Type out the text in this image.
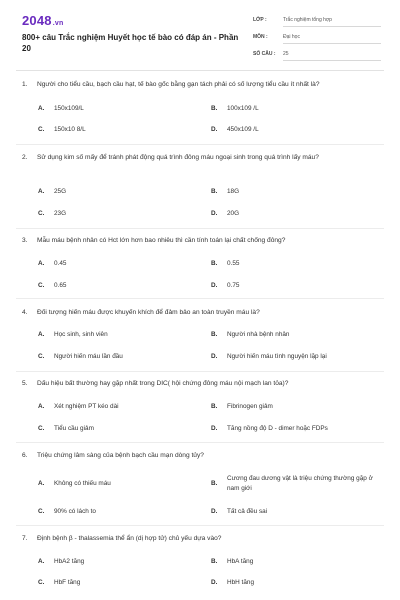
2048.vn
800+ câu Trắc nghiệm Huyết học tế bào có đáp án - Phần 20
LỚP :	Trắc nghiệm tổng hợp
MÔN :	Đại học
SỐ CÂU : 25
1.	Người cho tiểu cầu, bạch cầu hạt, tế bào gốc bằng gạn tách phải có số lượng tiểu cầu ít nhất là?
A. 150x109/L	B. 100x109 /L
C. 150x10 8/L	D. 450x109 /L
2.	Sử dụng kim số mấy để tránh phát động quá trình đông máu ngoại sinh trong quá trình lấy máu?
A. 25G	B. 18G
C. 23G	D. 20G
3.	Mẫu máu bệnh nhân có Hct lớn hơn bao nhiêu thì cần tính toán lại chất chống đông?
A. 0.45	B. 0.55
C. 0.65	D. 0.75
4.	Đối tượng hiến máu được khuyến khích để đảm bảo an toàn truyền máu là?
A. Học sinh, sinh viên	B. Người nhà bệnh nhân
C. Người hiến máu lần đầu	D. Người hiến máu tình nguyện lặp lại
5.	Dấu hiệu bất thường hay gặp nhất trong DIC( hội chứng đông máu nội mạch lan tỏa)?
A. Xét nghiệm PT kéo dài	B. Fibrinogen giảm
C. Tiểu cầu giảm	D. Tăng nồng độ D - dimer hoặc FDPs
6.	Triệu chứng lâm sàng của bệnh bạch cầu mạn dòng tủy?
A. Không có thiếu máu	B.
Cương đau dương vật là triệu chứng thường gặp ở nam giới
C. 90% có lách to	D. Tất cả đều sai
7.	Định bệnh β - thalassemia thể ẩn (dị hợp tử) chủ yếu dựa vào?
A. HbA2 tăng	B. HbA tăng
C. HbF tăng	D. HbH tăng
